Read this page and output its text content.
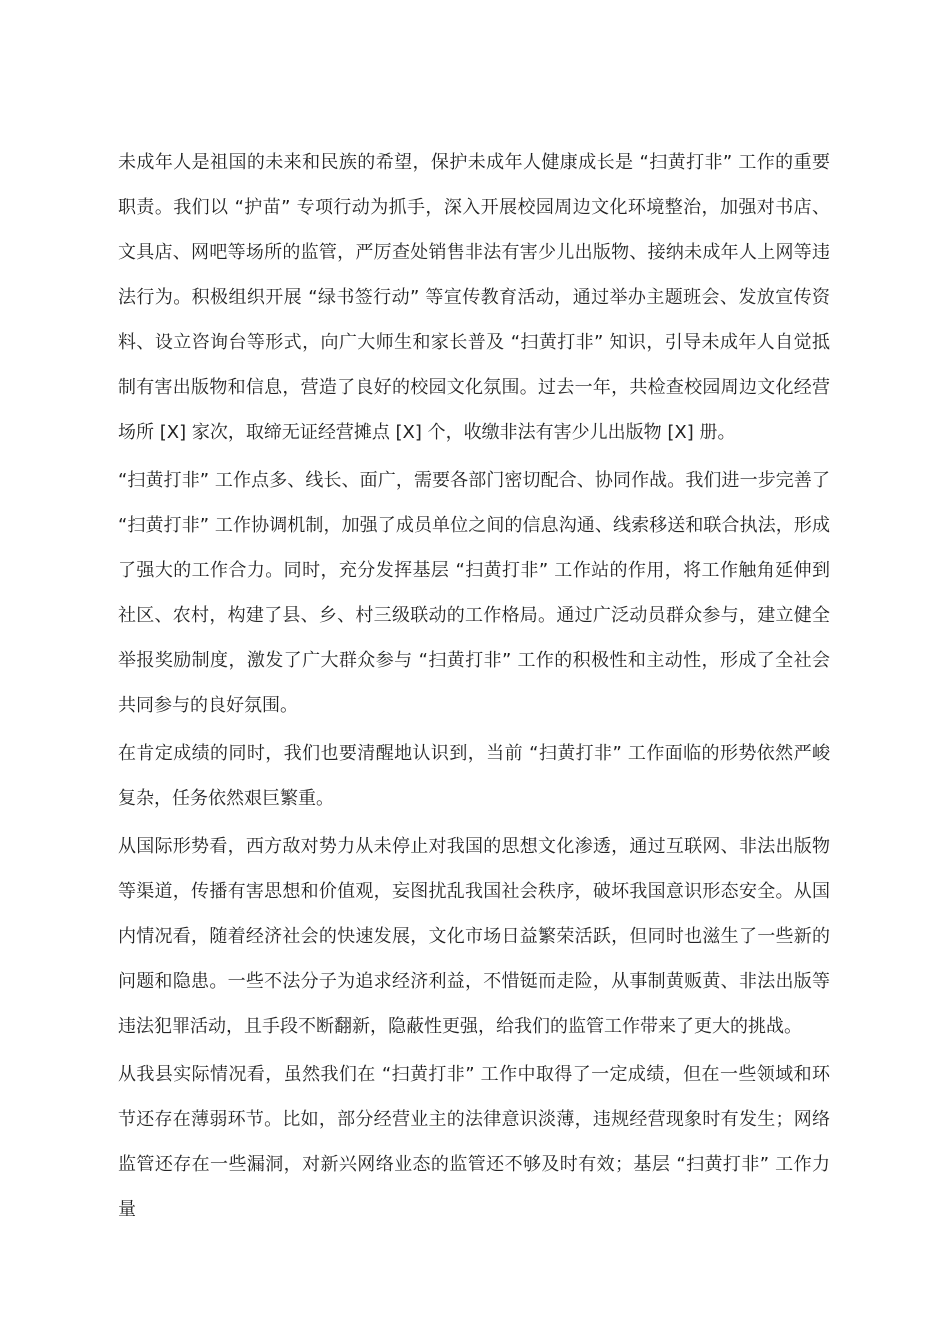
未成年人是祖国的未来和民族的希望，保护未成年人健康成长是 “扫黄打非” 工作的重要职责。我们以 “护苗” 专项行动为抓手，深入开展校园周边文化环境整治，加强对书店、文具店、网吧等场所的监管，严厉查处销售非法有害少儿出版物、接纳未成年人上网等违法行为。积极组织开展 “绿书签行动” 等宣传教育活动，通过举办主题班会、发放宣传资料、设立咨询台等形式，向广大师生和家长普及 “扫黄打非” 知识，引导未成年人自觉抵制有害出版物和信息，营造了良好的校园文化氛围。过去一年，共检查校园周边文化经营场所 [X] 家次，取缔无证经营摊点 [X] 个，收缴非法有害少儿出版物 [X] 册。

“扫黄打非” 工作点多、线长、面广，需要各部门密切配合、协同作战。我们进一步完善了 “扫黄打非” 工作协调机制，加强了成员单位之间的信息沟通、线索移送和联合执法，形成了强大的工作合力。同时，充分发挥基层 “扫黄打非” 工作站的作用，将工作触角延伸到社区、农村，构建了县、乡、村三级联动的工作格局。通过广泛动员群众参与，建立健全举报奖励制度，激发了广大群众参与 “扫黄打非” 工作的积极性和主动性，形成了全社会共同参与的良好氛围。

在肯定成绩的同时，我们也要清醒地认识到，当前 “扫黄打非” 工作面临的形势依然严峻复杂，任务依然艰巨繁重。

从国际形势看，西方敌对势力从未停止对我国的思想文化渗透，通过互联网、非法出版物等渠道，传播有害思想和价值观，妄图扰乱我国社会秩序，破坏我国意识形态安全。从国内情况看，随着经济社会的快速发展，文化市场日益繁荣活跃，但同时也滋生了一些新的问题和隐患。一些不法分子为追求经济利益，不惜铤而走险，从事制黄贩黄、非法出版等违法犯罪活动，且手段不断翻新，隐蔽性更强，给我们的监管工作带来了更大的挑战。

从我县实际情况看，虽然我们在 “扫黄打非” 工作中取得了一定成绩，但在一些领域和环节还存在薄弱环节。比如，部分经营业主的法律意识淡薄，违规经营现象时有发生；网络监管还存在一些漏洞，对新兴网络业态的监管还不够及时有效；基层 “扫黄打非” 工作力量
